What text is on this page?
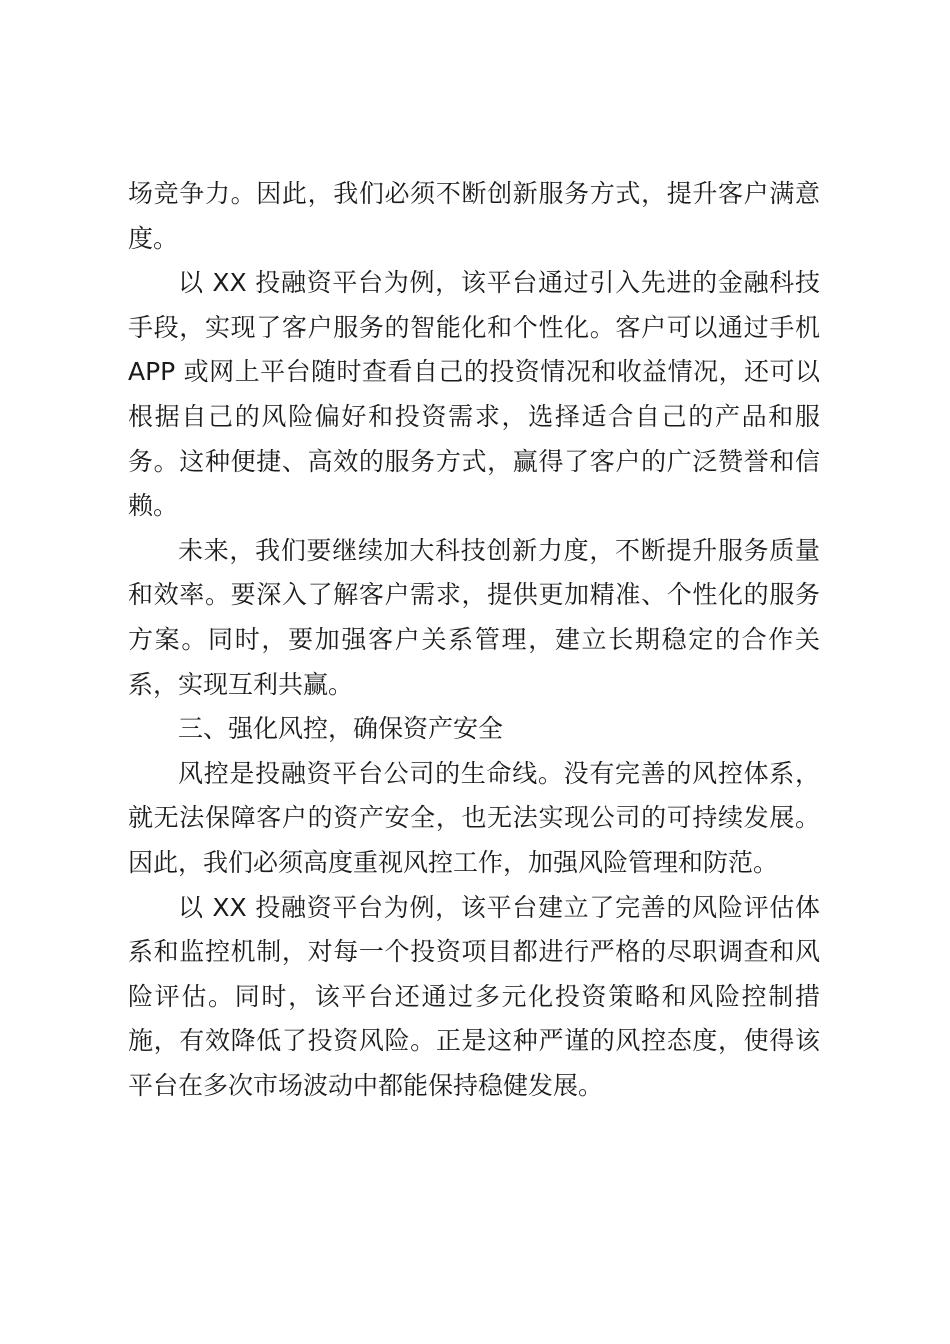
场竞争力。因此，我们必须不断创新服务方式，提升客户满意度。

以 XX 投融资平台为例，该平台通过引入先进的金融科技手段，实现了客户服务的智能化和个性化。客户可以通过手机 APP 或网上平台随时查看自己的投资情况和收益情况，还可以根据自己的风险偏好和投资需求，选择适合自己的产品和服务。这种便捷、高效的服务方式，赢得了客户的广泛赞誉和信赖。

未来，我们要继续加大科技创新力度，不断提升服务质量和效率。要深入了解客户需求，提供更加精准、个性化的服务方案。同时，要加强客户关系管理，建立长期稳定的合作关系，实现互利共赢。

三、强化风控，确保资产安全

风控是投融资平台公司的生命线。没有完善的风控体系，就无法保障客户的资产安全，也无法实现公司的可持续发展。因此，我们必须高度重视风控工作，加强风险管理和防范。

以 XX 投融资平台为例，该平台建立了完善的风险评估体系和监控机制，对每一个投资项目都进行严格的尽职调查和风险评估。同时，该平台还通过多元化投资策略和风险控制措施，有效降低了投资风险。正是这种严谨的风控态度，使得该平台在多次市场波动中都能保持稳健发展。
